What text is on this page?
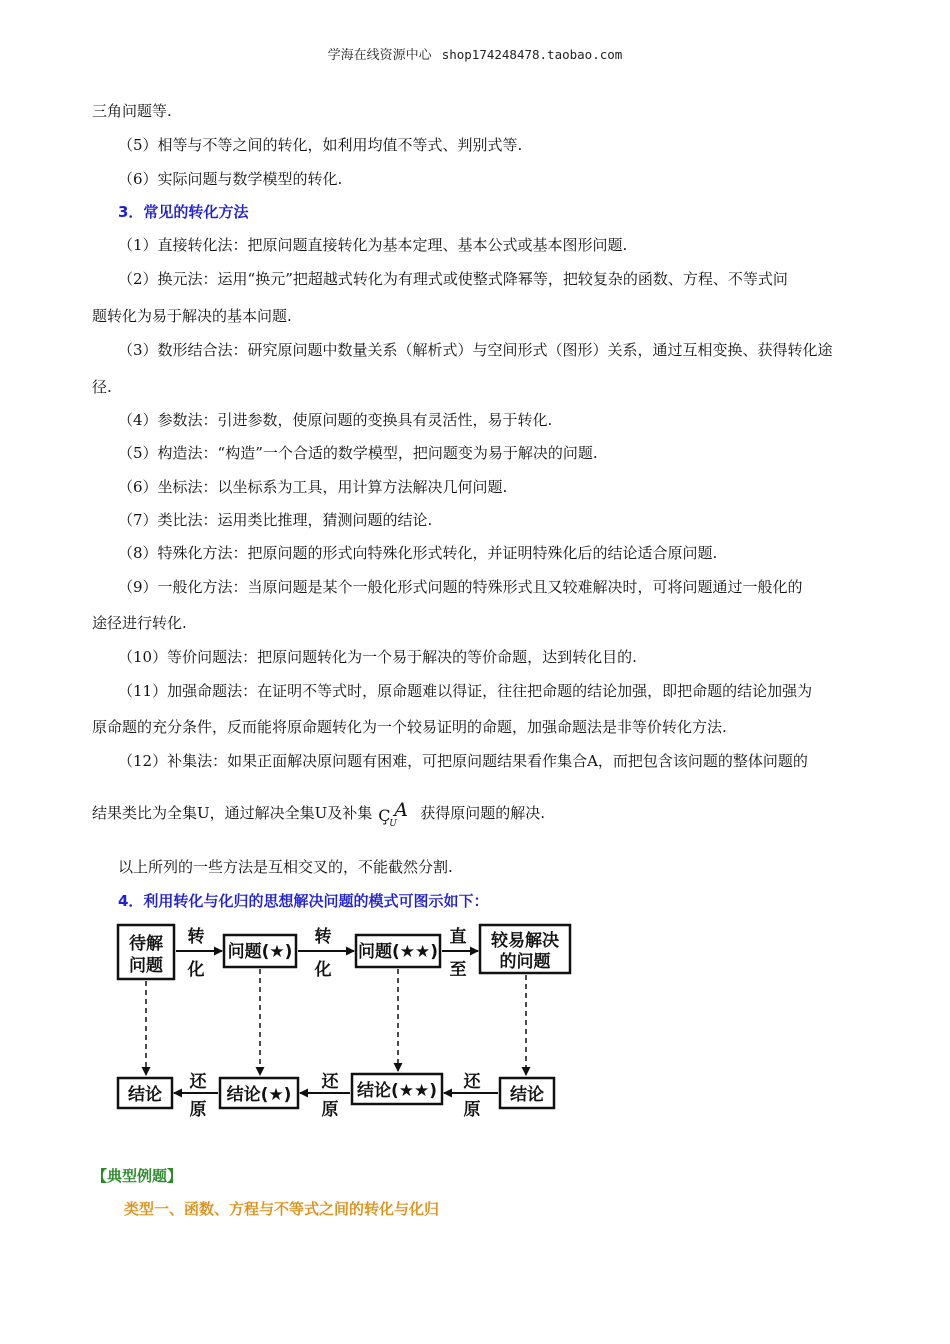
学海在线资源中心 shop174248478.taobao.com
三角问题等.
（5）相等与不等之间的转化，如利用均值不等式、判别式等.
（6）实际问题与数学模型的转化.
3．常见的转化方法
（1）直接转化法：把原问题直接转化为基本定理、基本公式或基本图形问题.
（2）换元法：运用“换元”把超越式转化为有理式或使整式降幂等，把较复杂的函数、方程、不等式问
题转化为易于解决的基本问题.
（3）数形结合法：研究原问题中数量关系（解析式）与空间形式（图形）关系，通过互相变换、获得转化途
径.
（4）参数法：引进参数，使原问题的变换具有灵活性，易于转化.
（5）构造法：“构造”一个合适的数学模型，把问题变为易于解决的问题.
（6）坐标法：以坐标系为工具，用计算方法解决几何问题.
（7）类比法：运用类比推理，猜测问题的结论.
（8）特殊化方法：把原问题的形式向特殊化形式转化，并证明特殊化后的结论适合原问题.
（9）一般化方法：当原问题是某个一般化形式问题的特殊形式且又较难解决时，可将问题通过一般化的
途径进行转化.
（10）等价问题法：把原问题转化为一个易于解决的等价命题，达到转化目的.
（11）加强命题法：在证明不等式时，原命题难以得证，往往把命题的结论加强，即把命题的结论加强为
原命题的充分条件，反而能将原命题转化为一个较易证明的命题，加强命题法是非等价转化方法.
（12）补集法：如果正面解决原问题有困难，可把原问题结果看作集合A，而把包含该问题的整体问题的
结果类比为全集U，通过解决全集U及补集 Ç
U
A 获得原问题的解决.
以上所列的一些方法是互相交叉的，不能截然分割.
4．利用转化与化归的思想解决问题的模式可图示如下：
待解
问题
问题(★)	问题(★★)
较易解决
的问题
转
化
转
化
直
至
结论	结论(★)	结论(★★)	结论
还
原
还
原
还
原
【典型例题】
类型一、函数、方程与不等式之间的转化与化归
